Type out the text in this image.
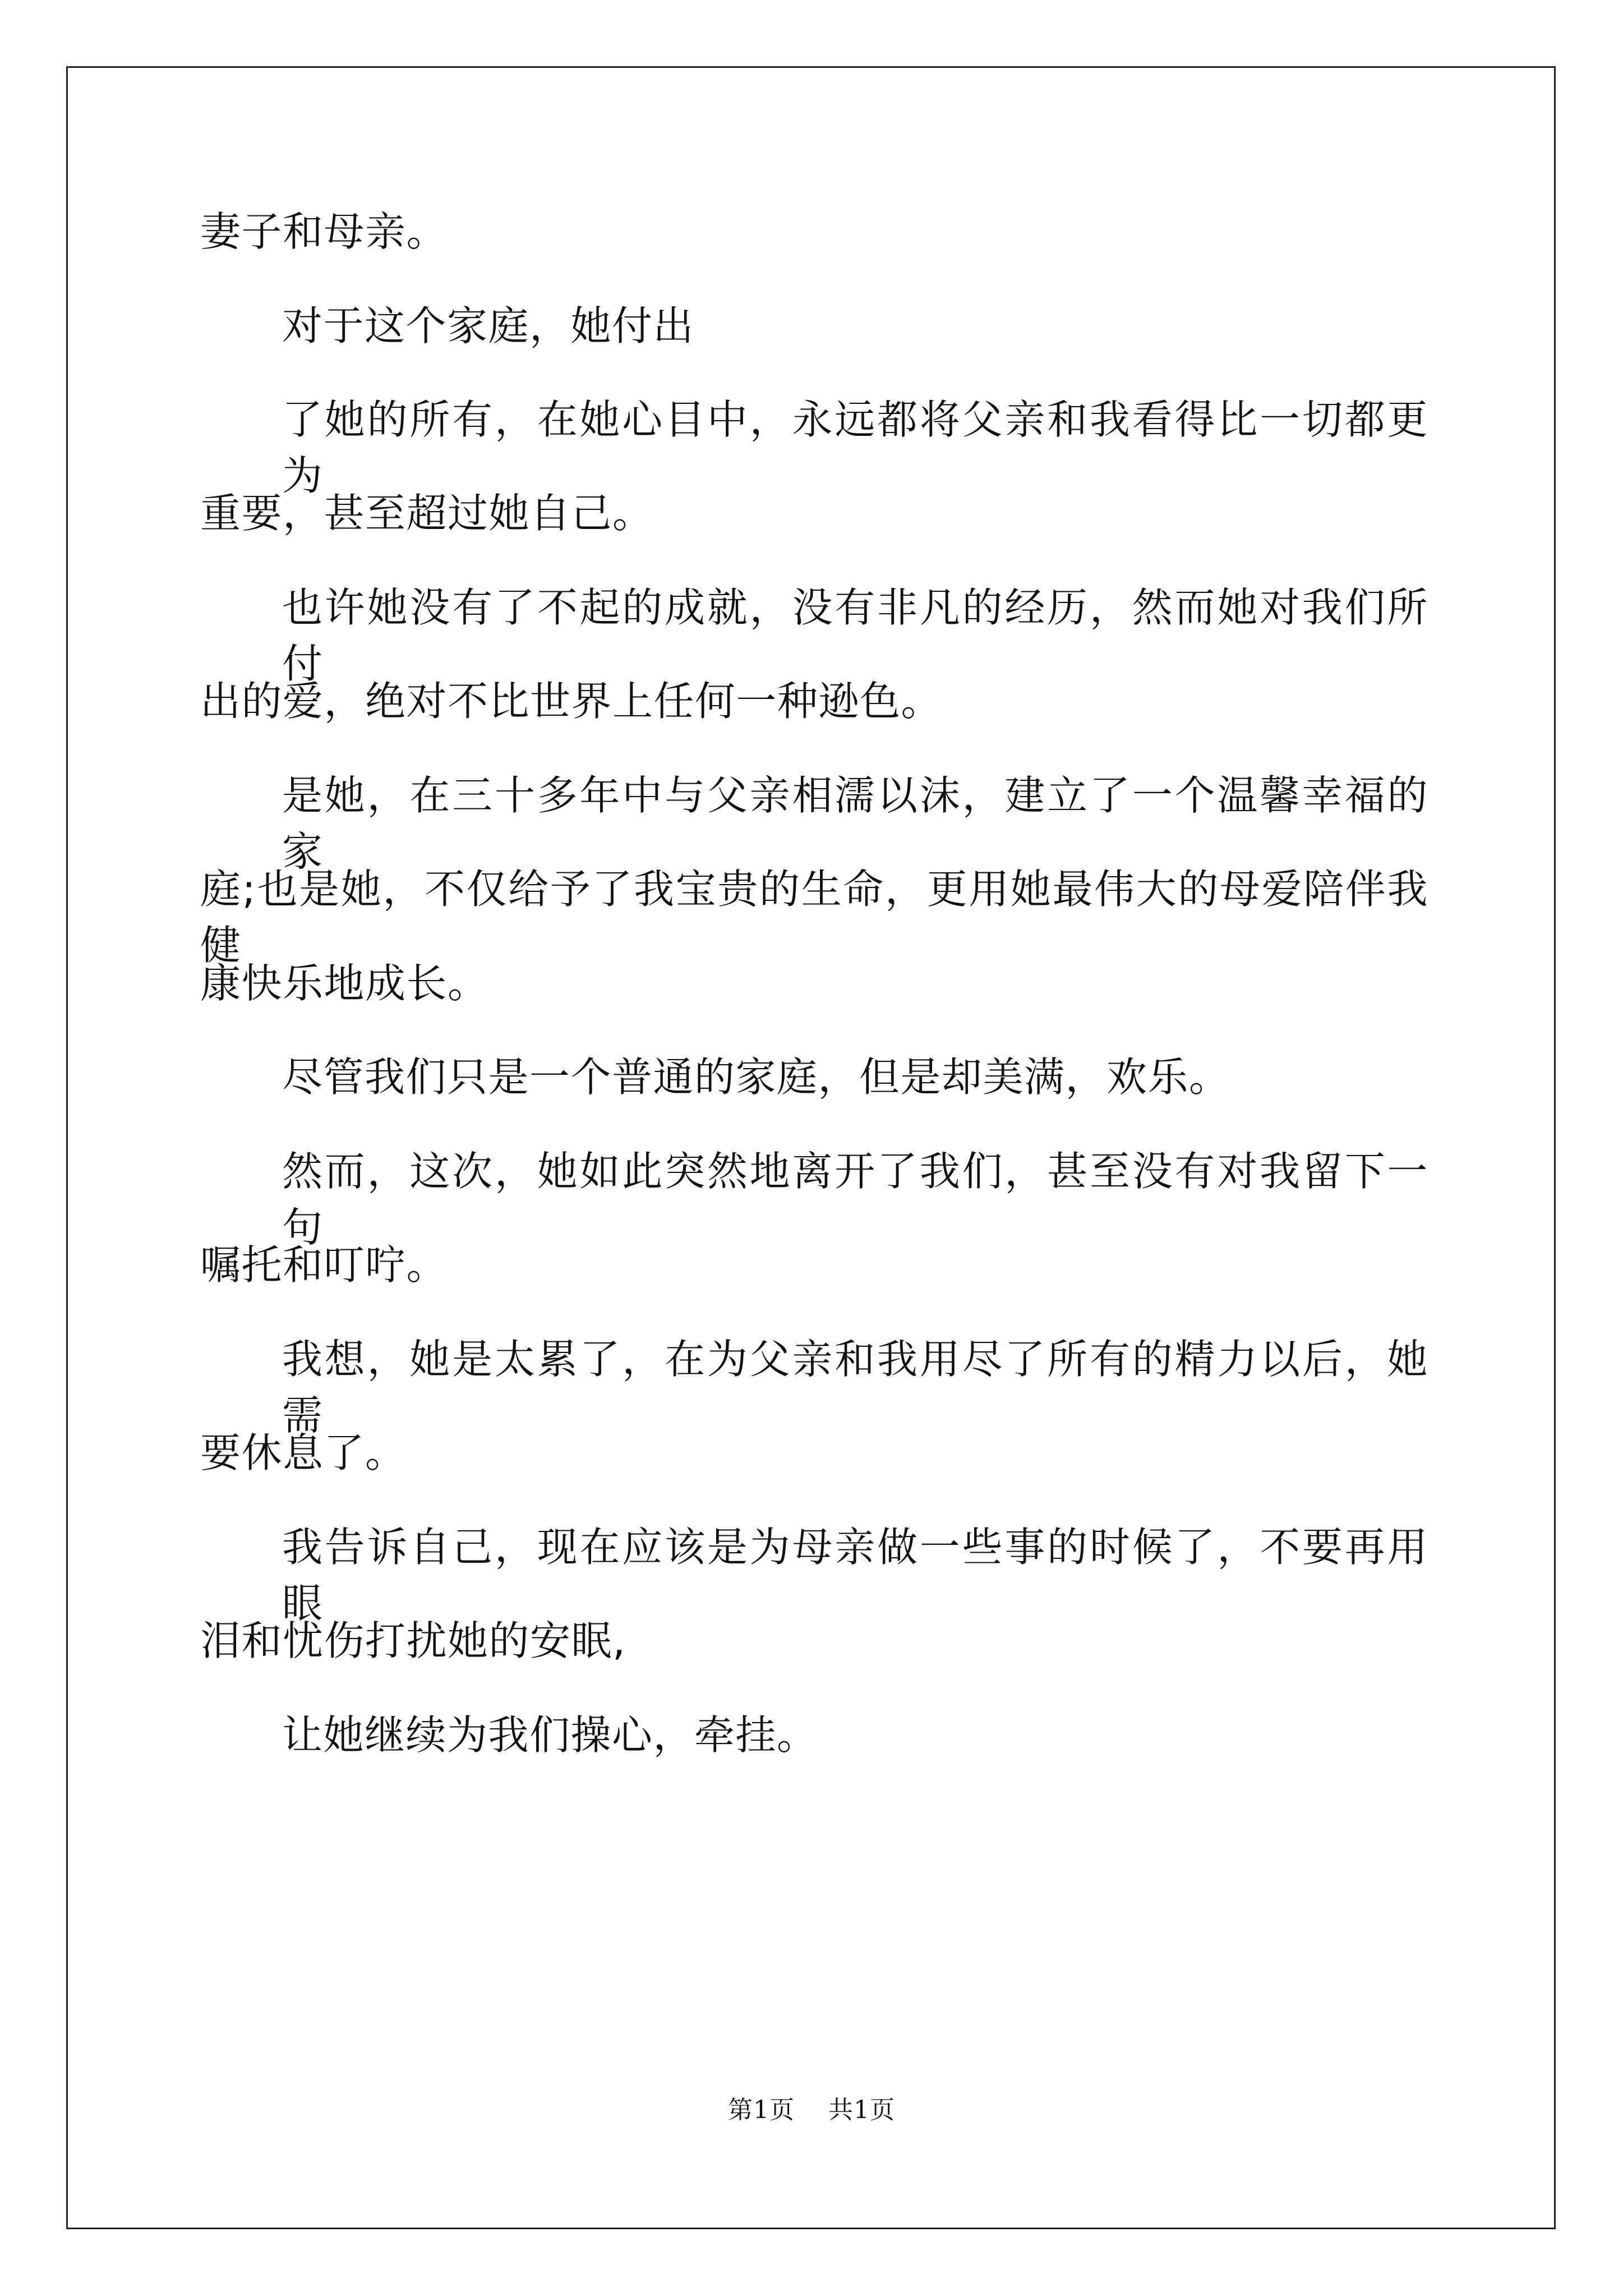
妻子和母亲。
对于这个家庭，她付出
了她的所有，在她心目中，永远都将父亲和我看得比一切都更为
重要，甚至超过她自己。
也许她没有了不起的成就，没有非凡的经历，然而她对我们所付
出的爱，绝对不比世界上任何一种逊色。
是她，在三十多年中与父亲相濡以沫，建立了一个温馨幸福的家
庭;也是她，不仅给予了我宝贵的生命，更用她最伟大的母爱陪伴我健
康快乐地成长。
尽管我们只是一个普通的家庭，但是却美满，欢乐。
然而，这次，她如此突然地离开了我们，甚至没有对我留下一句
嘱托和叮咛。
我想，她是太累了，在为父亲和我用尽了所有的精力以后，她需
要休息了。
我告诉自己，现在应该是为母亲做一些事的时候了，不要再用眼
泪和忧伤打扰她的安眠,
让她继续为我们操心，牵挂。
第1页 共1页
